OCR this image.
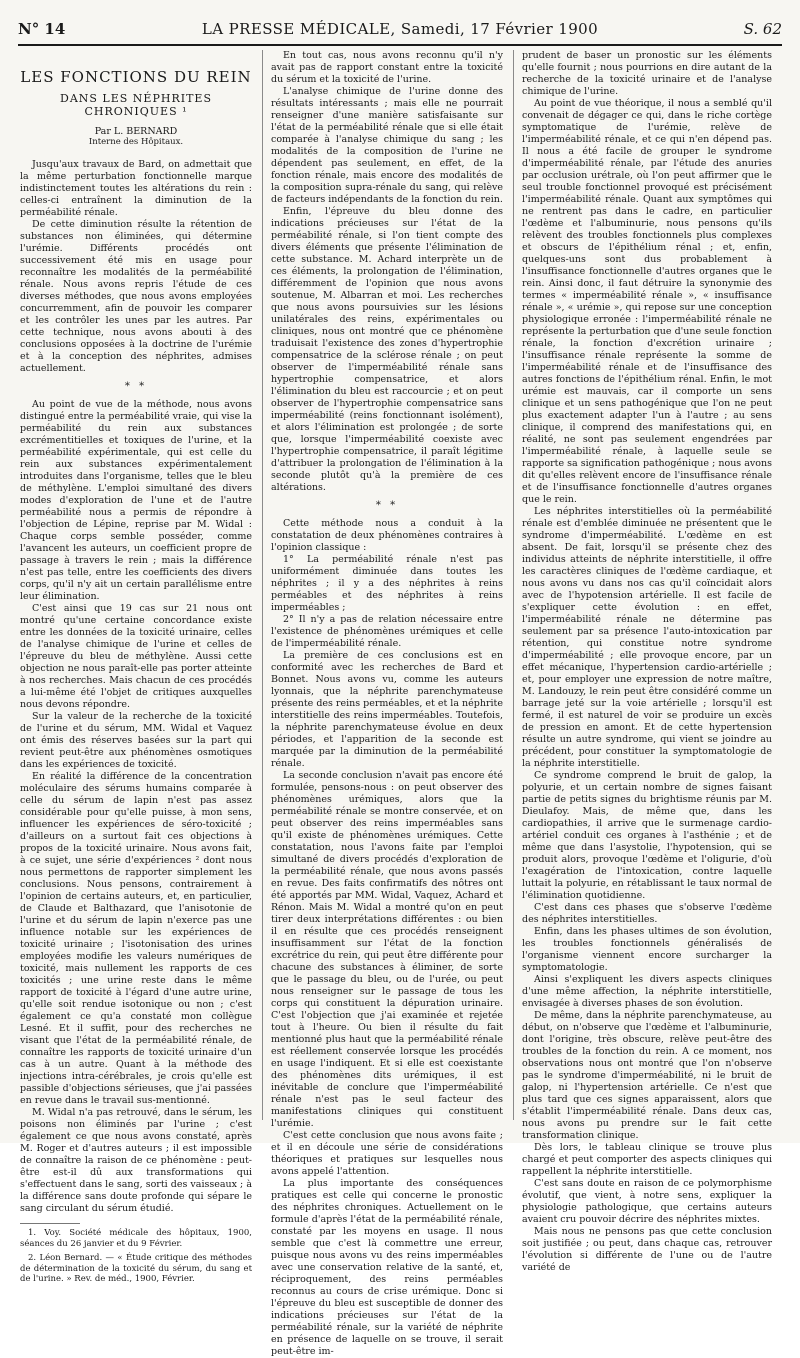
N° 14	LA PRESSE MÉDICALE, Samedi, 17 Février 1900	S. 62
LES FONCTIONS DU REIN
DANS LES NÉPHRITES CHRONIQUES ¹
Par L. BERNARD
Interne des Hôpitaux.

Jusqu'aux travaux de Bard, on admettait que la même perturbation fonctionnelle marque indistinctement toutes les altérations du rein : celles-ci entraînent la diminution de la perméabilité rénale.

De cette diminution résulte la rétention de substances non éliminées, qui détermine l'urémie. Différents procédés ont successivement été mis en usage pour reconnaître les modalités de la perméabilité rénale. Nous avons repris l'étude de ces diverses méthodes, que nous avons employées concurremment, afin de pouvoir les comparer et les contrôler les unes par les autres. Par cette technique, nous avons abouti à des conclusions opposées à la doctrine de l'urémie et à la conception des néphrites, admises actuellement.

* *

Au point de vue de la méthode, nous avons distingué entre la perméabilité vraie, qui vise la perméabilité du rein aux substances excrémentitielles et toxiques de l'urine, et la perméabilité expérimentale, qui est celle du rein aux substances expérimentalement introduites dans l'organisme, telles que le bleu de méthylène. L'emploi simultané des divers modes d'exploration de l'une et de l'autre perméabilité nous a permis de répondre à l'objection de Lépine, reprise par M. Widal : Chaque corps semble posséder, comme l'avancent les auteurs, un coefficient propre de passage à travers le rein ; mais la différence n'est pas telle, entre les coefficients des divers corps, qu'il n'y ait un certain parallélisme entre leur élimination.

C'est ainsi que 19 cas sur 21 nous ont montré qu'une certaine concordance existe entre les données de la toxicité urinaire, celles de l'analyse chimique de l'urine et celles de l'épreuve du bleu de méthylène. Aussi cette objection ne nous paraît-elle pas porter atteinte à nos recherches. Mais chacun de ces procédés a lui-même été l'objet de critiques auxquelles nous devons répondre.

Sur la valeur de la recherche de la toxicité de l'urine et du sérum, MM. Widal et Vaquez ont émis des réserves basées sur la part qui revient peut-être aux phénomènes osmotiques dans les expériences de toxicité.

En réalité la différence de la concentration moléculaire des sérums humains comparée à celle du sérum de lapin n'est pas assez considérable pour qu'elle puisse, à mon sens, influencer les expériences de séro-toxicité ; d'ailleurs on a surtout fait ces objections à propos de la toxicité urinaire. Nous avons fait, à ce sujet, une série d'expériences ² dont nous nous permettons de rapporter simplement les conclusions. Nous pensons, contrairement à l'opinion de certains auteurs, et, en particulier, de Claude et Balthazard, que l'anisotonie de l'urine et du sérum de lapin n'exerce pas une influence notable sur les expériences de toxicité urinaire ; l'isotonisation des urines employées modifie les valeurs numériques de toxicité, mais nullement les rapports de ces toxicités ; une urine reste dans le même rapport de toxicité à l'égard d'une autre urine, qu'elle soit rendue isotonique ou non ; c'est également ce qu'a constaté mon collègue Lesné. Et il suffit, pour des recherches ne visant que l'état de la perméabilité rénale, de connaître les rapports de toxicité urinaire d'un cas à un autre. Quant à la méthode des injections intra-cérébrales, je crois qu'elle est passible d'objections sérieuses, que j'ai passées en revue dans le travail sus-mentionné.

M. Widal n'a pas retrouvé, dans le sérum, les poisons non éliminés par l'urine ; c'est également ce que nous avons constaté, après M. Roger et d'autres auteurs ; il est impossible de connaître la raison de ce phénomène : peut-être est-il dû aux transformations qui s'effectuent dans le sang, sorti des vaisseaux ; à la différence sans doute profonde qui sépare le sang circulant du sérum étudié.

1. Voy. Société médicale des hôpitaux, 1900, séances du 26 janvier et du 9 Février.

2. Léon Bernard. — « Étude critique des méthodes de détermination de la toxicité du sérum, du sang et de l'urine. » Rev. de méd., 1900, Février.

En tout cas, nous avons reconnu qu'il n'y avait pas de rapport constant entre la toxicité du sérum et la toxicité de l'urine.

L'analyse chimique de l'urine donne des résultats intéressants ; mais elle ne pourrait renseigner d'une manière satisfaisante sur l'état de la perméabilité rénale que si elle était comparée à l'analyse chimique du sang ; les modalités de la composition de l'urine ne dépendent pas seulement, en effet, de la fonction rénale, mais encore des modalités de la composition supra-rénale du sang, qui relève de facteurs indépendants de la fonction du rein.

Enfin, l'épreuve du bleu donne des indications précieuses sur l'état de la perméabilité rénale, si l'on tient compte des divers éléments que présente l'élimination de cette substance. M. Achard interprète un de ces éléments, la prolongation de l'élimination, différemment de l'opinion que nous avons soutenue, M. Albarran et moi. Les recherches que nous avons poursuivies sur les lésions unilatérales des reins, expérimentales ou cliniques, nous ont montré que ce phénomène traduisait l'existence des zones d'hypertrophie compensatrice de la sclérose rénale ; on peut observer de l'imperméabilité rénale sans hypertrophie compensatrice, et alors l'élimination du bleu est raccourcie ; et on peut observer de l'hypertrophie compensatrice sans imperméabilité (reins fonctionnant isolément), et alors l'élimination est prolongée ; de sorte que, lorsque l'imperméabilité coexiste avec l'hypertrophie compensatrice, il paraît légitime d'attribuer la prolongation de l'élimination à la seconde plutôt qu'à la première de ces altérations.

* *

Cette méthode nous a conduit à la constatation de deux phénomènes contraires à l'opinion classique :

1° La perméabilité rénale n'est pas uniformément diminuée dans toutes les néphrites ; il y a des néphrites à reins perméables et des néphrites à reins imperméables ;

2° Il n'y a pas de relation nécessaire entre l'existence de phénomènes urémiques et celle de l'imperméabilité rénale.

La première de ces conclusions est en conformité avec les recherches de Bard et Bonnet. Nous avons vu, comme les auteurs lyonnais, que la néphrite parenchymateuse présente des reins perméables, et et la néphrite interstitielle des reins imperméables. Toutefois, la néphrite parenchymateuse évolue en deux périodes, et l'apparition de la seconde est marquée par la diminution de la perméabilité rénale.

La seconde conclusion n'avait pas encore été formulée, pensons-nous : on peut observer des phénomènes urémiques, alors que la perméabilité rénale se montre conservée, et on peut observer des reins imperméables sans qu'il existe de phénomènes urémiques. Cette constatation, nous l'avons faite par l'emploi simultané de divers procédés d'exploration de la perméabilité rénale, que nous avons passés en revue. Des faits confirmatifs des nôtres ont été apportés par MM. Widal, Vaquez, Achard et Rénon. Mais M. Widal a montré qu'on en peut tirer deux interprétations différentes : ou bien il en résulte que ces procédés renseignent insuffisamment sur l'état de la fonction excrétrice du rein, qui peut être différente pour chacune des substances à éliminer, de sorte que le passage du bleu, ou de l'urée, ou peut nous renseigner sur le passage de tous les corps qui constituent la dépuration urinaire. C'est l'objection que j'ai examinée et rejetée tout à l'heure. Ou bien il résulte du fait mentionné plus haut que la perméabilité rénale est réellement conservée lorsque les procédés en usage l'indiquent. Et si elle est coexistante des phénomènes dits urémiques, il est inévitable de conclure que l'imperméabilité rénale n'est pas le seul facteur des manifestations cliniques qui constituent l'urémie.

C'est cette conclusion que nous avons faite ; et il en découle une série de considérations théoriques et pratiques sur lesquelles nous avons appelé l'attention.

La plus importante des conséquences pratiques est celle qui concerne le pronostic des néphrites chroniques. Actuellement on le formule d'après l'état de la perméabilité rénale, constaté par les moyens en usage. Il nous semble que c'est là commettre une erreur, puisque nous avons vu des reins imperméables avec une conservation relative de la santé, et, réciproquement, des reins perméables reconnus au cours de crise urémique. Donc si l'épreuve du bleu est susceptible de donner des indications précieuses sur l'état de la perméabilité rénale, sur la variété de néphrite en présence de laquelle on se trouve, il serait peut-être im-

prudent de baser un pronostic sur les éléments qu'elle fournit ; nous pourrions en dire autant de la recherche de la toxicité urinaire et de l'analyse chimique de l'urine.

Au point de vue théorique, il nous a semblé qu'il convenait de dégager ce qui, dans le riche cortège symptomatique de l'urémie, relève de l'imperméabilité rénale, et ce qui n'en dépend pas. Il nous a été facile de grouper le syndrome d'imperméabilité rénale, par l'étude des anuries par occlusion urétrale, où l'on peut affirmer que le seul trouble fonctionnel provoqué est précisément l'imperméabilité rénale. Quant aux symptômes qui ne rentrent pas dans le cadre, en particulier l'œdème et l'albuminurie, nous pensons qu'ils relèvent des troubles fonctionnels plus complexes et obscurs de l'épithélium rénal ; et, enfin, quelques-uns sont dus probablement à l'insuffisance fonctionnelle d'autres organes que le rein. Ainsi donc, il faut détruire la synonymie des termes « imperméabilité rénale », « insuffisance rénale », « urémie », qui repose sur une conception physiologique erronée : l'imperméabilité rénale ne représente la perturbation que d'une seule fonction rénale, la fonction d'excrétion urinaire ; l'insuffisance rénale représente la somme de l'imperméabilité rénale et de l'insuffisance des autres fonctions de l'épithélium rénal. Enfin, le mot urémie est mauvais, car il comporte un sens clinique et un sens pathogénique que l'on ne peut plus exactement adapter l'un à l'autre ; au sens clinique, il comprend des manifestations qui, en réalité, ne sont pas seulement engendrées par l'imperméabilité rénale, à laquelle seule se rapporte sa signification pathogénique ; nous avons dit qu'elles relèvent encore de l'insuffisance rénale et de l'insuffisance fonctionnelle d'autres organes que le rein.

Les néphrites interstitielles où la perméabilité rénale est d'emblée diminuée ne présentent que le syndrome d'imperméabilité. L'œdème en est absent. De fait, lorsqu'il se présente chez des individus atteints de néphrite interstitielle, il offre les caractères cliniques de l'œdème cardiaque, et nous avons vu dans nos cas qu'il coïncidait alors avec de l'hypotension artérielle. Il est facile de s'expliquer cette évolution : en effet, l'imperméabilité rénale ne détermine pas seulement par sa présence l'auto-intoxication par rétention, qui constitue notre syndrome d'imperméabilité ; elle provoque encore, par un effet mécanique, l'hypertension cardio-artérielle ; et, pour employer une expression de notre maître, M. Landouzy, le rein peut être considéré comme un barrage jeté sur la voie artérielle ; lorsqu'il est fermé, il est naturel de voir se produire un excès de pression en amont. Et de cette hypertension résulte un autre syndrome, qui vient se joindre au précédent, pour constituer la symptomatologie de la néphrite interstitielle.

Ce syndrome comprend le bruit de galop, la polyurie, et un certain nombre de signes faisant partie de petits signes du brightisme réunis par M. Dieulafoy. Mais, de même que, dans les cardiopathies, il arrive que le surmenage cardio-artériel conduit ces organes à l'asthénie ; et de même que dans l'asystolie, l'hypotension, qui se produit alors, provoque l'œdème et l'oligurie, d'où l'exagération de l'intoxication, contre laquelle luttait la polyurie, en rétablissant le taux normal de l'élimination quotidienne.

C'est dans ces phases que s'observe l'œdème des néphrites interstitielles.

Enfin, dans les phases ultimes de son évolution, les troubles fonctionnels généralisés de l'organisme viennent encore surcharger la symptomatologie.

Ainsi s'expliquent les divers aspects cliniques d'une même affection, la néphrite interstitielle, envisagée à diverses phases de son évolution.

De même, dans la néphrite parenchymateuse, au début, on n'observe que l'œdème et l'albuminurie, dont l'origine, très obscure, relève peut-être des troubles de la fonction du rein. A ce moment, nos observations nous ont montré que l'on n'observe pas le syndrome d'imperméabilité, ni le bruit de galop, ni l'hypertension artérielle. Ce n'est que plus tard que ces signes apparaissent, alors que s'établit l'imperméabilité rénale. Dans deux cas, nous avons pu prendre sur le fait cette transformation clinique.

Dès lors, le tableau clinique se trouve plus chargé et peut comporter des aspects cliniques qui rappellent la néphrite interstitielle.

C'est sans doute en raison de ce polymorphisme évolutif, que vient, à notre sens, expliquer la physiologie pathologique, que certains auteurs avaient cru pouvoir décrire des néphrites mixtes.

Mais nous ne pensons pas que cette conclusion soit justifiée ; ou peut, dans chaque cas, retrouver l'évolution si différente de l'une ou de l'autre variété de
